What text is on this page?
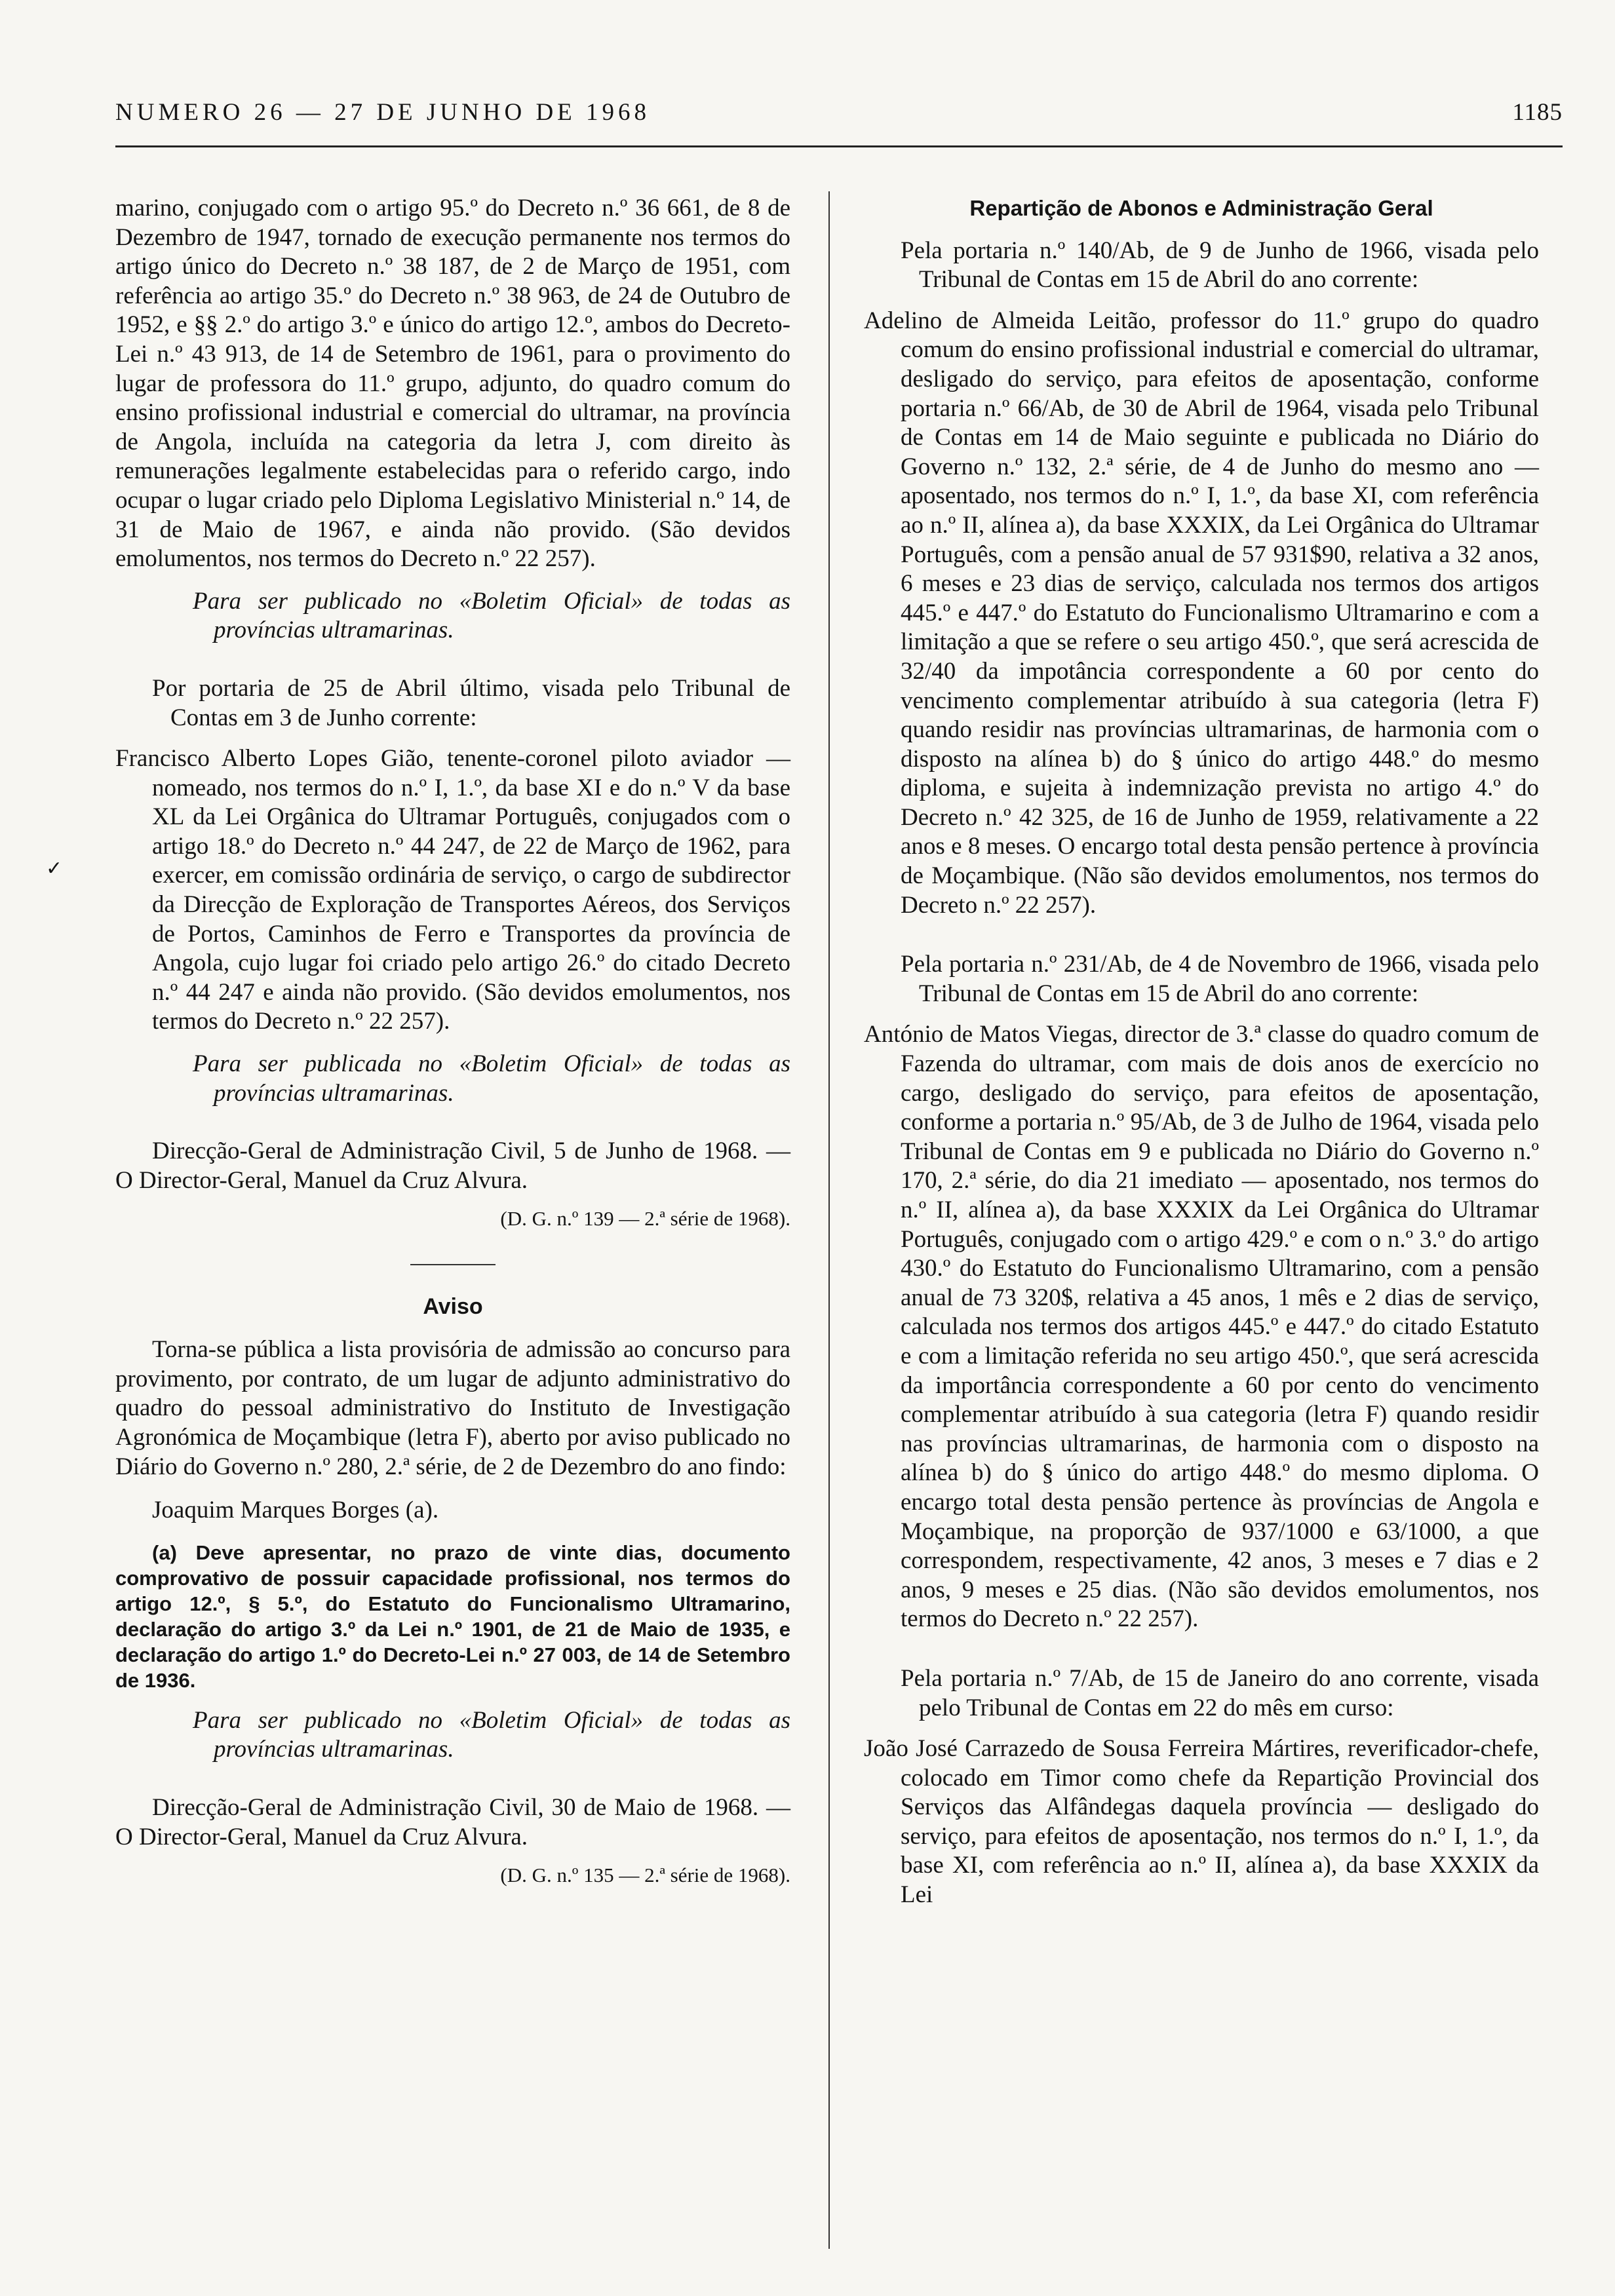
NUMERO 26 — 27 DE JUNHO DE 1968	1185
✓

marino, conjugado com o artigo 95.º do Decreto n.º 36 661, de 8 de Dezembro de 1947, tornado de execução permanente nos termos do artigo único do Decreto n.º 38 187, de 2 de Março de 1951, com referência ao artigo 35.º do Decreto n.º 38 963, de 24 de Outubro de 1952, e §§ 2.º do artigo 3.º e único do artigo 12.º, ambos do Decreto-Lei n.º 43 913, de 14 de Setembro de 1961, para o provimento do lugar de professora do 11.º grupo, adjunto, do quadro comum do ensino profissional industrial e comercial do ultramar, na província de Angola, incluída na categoria da letra J, com direito às remunerações legalmente estabelecidas para o referido cargo, indo ocupar o lugar criado pelo Diploma Legislativo Ministerial n.º 14, de 31 de Maio de 1967, e ainda não provido. (São devidos emolumentos, nos termos do Decreto n.º 22 257).

Para ser publicado no «Boletim Oficial» de todas as províncias ultramarinas.

Por portaria de 25 de Abril último, visada pelo Tribunal de Contas em 3 de Junho corrente:

Francisco Alberto Lopes Gião, tenente-coronel piloto aviador — nomeado, nos termos do n.º I, 1.º, da base XI e do n.º V da base XL da Lei Orgânica do Ultramar Português, conjugados com o artigo 18.º do Decreto n.º 44 247, de 22 de Março de 1962, para exercer, em comissão ordinária de serviço, o cargo de subdirector da Direcção de Exploração de Transportes Aéreos, dos Serviços de Portos, Caminhos de Ferro e Transportes da província de Angola, cujo lugar foi criado pelo artigo 26.º do citado Decreto n.º 44 247 e ainda não provido. (São devidos emolumentos, nos termos do Decreto n.º 22 257).

Para ser publicada no «Boletim Oficial» de todas as províncias ultramarinas.

Direcção-Geral de Administração Civil, 5 de Junho de 1968. — O Director-Geral, Manuel da Cruz Alvura.

(D. G. n.º 139 — 2.ª série de 1968).

Aviso

Torna-se pública a lista provisória de admissão ao concurso para provimento, por contrato, de um lugar de adjunto administrativo do quadro do pessoal administrativo do Instituto de Investigação Agronómica de Moçambique (letra F), aberto por aviso publicado no Diário do Governo n.º 280, 2.ª série, de 2 de Dezembro do ano findo:

Joaquim Marques Borges (a).

(a) Deve apresentar, no prazo de vinte dias, documento comprovativo de possuir capacidade profissional, nos termos do artigo 12.º, § 5.º, do Estatuto do Funcionalismo Ultramarino, declaração do artigo 3.º da Lei n.º 1901, de 21 de Maio de 1935, e declaração do artigo 1.º do Decreto-Lei n.º 27 003, de 14 de Setembro de 1936.

Para ser publicado no «Boletim Oficial» de todas as províncias ultramarinas.

Direcção-Geral de Administração Civil, 30 de Maio de 1968. — O Director-Geral, Manuel da Cruz Alvura.

(D. G. n.º 135 — 2.ª série de 1968).

Repartição de Abonos e Administração Geral

Pela portaria n.º 140/Ab, de 9 de Junho de 1966, visada pelo Tribunal de Contas em 15 de Abril do ano corrente:

Adelino de Almeida Leitão, professor do 11.º grupo do quadro comum do ensino profissional industrial e comercial do ultramar, desligado do serviço, para efeitos de aposentação, conforme portaria n.º 66/Ab, de 30 de Abril de 1964, visada pelo Tribunal de Contas em 14 de Maio seguinte e publicada no Diário do Governo n.º 132, 2.ª série, de 4 de Junho do mesmo ano — aposentado, nos termos do n.º I, 1.º, da base XI, com referência ao n.º II, alínea a), da base XXXIX, da Lei Orgânica do Ultramar Português, com a pensão anual de 57 931$90, relativa a 32 anos, 6 meses e 23 dias de serviço, calculada nos termos dos artigos 445.º e 447.º do Estatuto do Funcionalismo Ultramarino e com a limitação a que se refere o seu artigo 450.º, que será acrescida de 32/40 da impotância correspondente a 60 por cento do vencimento complementar atribuído à sua categoria (letra F) quando residir nas províncias ultramarinas, de harmonia com o disposto na alínea b) do § único do artigo 448.º do mesmo diploma, e sujeita à indemnização prevista no artigo 4.º do Decreto n.º 42 325, de 16 de Junho de 1959, relativamente a 22 anos e 8 meses. O encargo total desta pensão pertence à província de Moçambique. (Não são devidos emolumentos, nos termos do Decreto n.º 22 257).

Pela portaria n.º 231/Ab, de 4 de Novembro de 1966, visada pelo Tribunal de Contas em 15 de Abril do ano corrente:

António de Matos Viegas, director de 3.ª classe do quadro comum de Fazenda do ultramar, com mais de dois anos de exercício no cargo, desligado do serviço, para efeitos de aposentação, conforme a portaria n.º 95/Ab, de 3 de Julho de 1964, visada pelo Tribunal de Contas em 9 e publicada no Diário do Governo n.º 170, 2.ª série, do dia 21 imediato — aposentado, nos termos do n.º II, alínea a), da base XXXIX da Lei Orgânica do Ultramar Português, conjugado com o artigo 429.º e com o n.º 3.º do artigo 430.º do Estatuto do Funcionalismo Ultramarino, com a pensão anual de 73 320$, relativa a 45 anos, 1 mês e 2 dias de serviço, calculada nos termos dos artigos 445.º e 447.º do citado Estatuto e com a limitação referida no seu artigo 450.º, que será acrescida da importância correspondente a 60 por cento do vencimento complementar atribuído à sua categoria (letra F) quando residir nas províncias ultramarinas, de harmonia com o disposto na alínea b) do § único do artigo 448.º do mesmo diploma. O encargo total desta pensão pertence às províncias de Angola e Moçambique, na proporção de 937/1000 e 63/1000, a que correspondem, respectivamente, 42 anos, 3 meses e 7 dias e 2 anos, 9 meses e 25 dias. (Não são devidos emolumentos, nos termos do Decreto n.º 22 257).

Pela portaria n.º 7/Ab, de 15 de Janeiro do ano corrente, visada pelo Tribunal de Contas em 22 do mês em curso:

João José Carrazedo de Sousa Ferreira Mártires, reverificador-chefe, colocado em Timor como chefe da Repartição Provincial dos Serviços das Alfândegas daquela província — desligado do serviço, para efeitos de aposentação, nos termos do n.º I, 1.º, da base XI, com referência ao n.º II, alínea a), da base XXXIX da Lei
